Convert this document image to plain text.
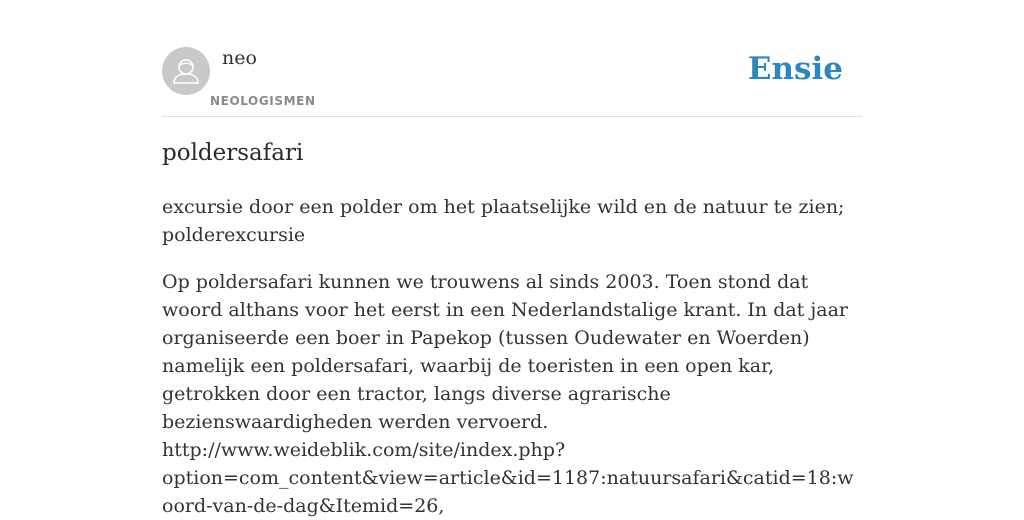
neo
NEOLOGISMEN
Ensie
poldersafari
excursie door een polder om het plaatselijke wild en de natuur te zien; polderexcursie
Op poldersafari kunnen we trouwens al sinds 2003. Toen stond dat woord althans voor het eerst in een Nederlandstalige krant. In dat jaar organiseerde een boer in Papekop (tussen Oudewater en Woerden) namelijk een poldersafari, waarbij de toeristen in een open kar, getrokken door een tractor, langs diverse agrarische bezienswaardigheden werden vervoerd.
http://www.weideblik.com/site/index.php?option=com_content&view=article&id=1187:natuursafari&catid=18:woord-van-de-dag&Itemid=26,
